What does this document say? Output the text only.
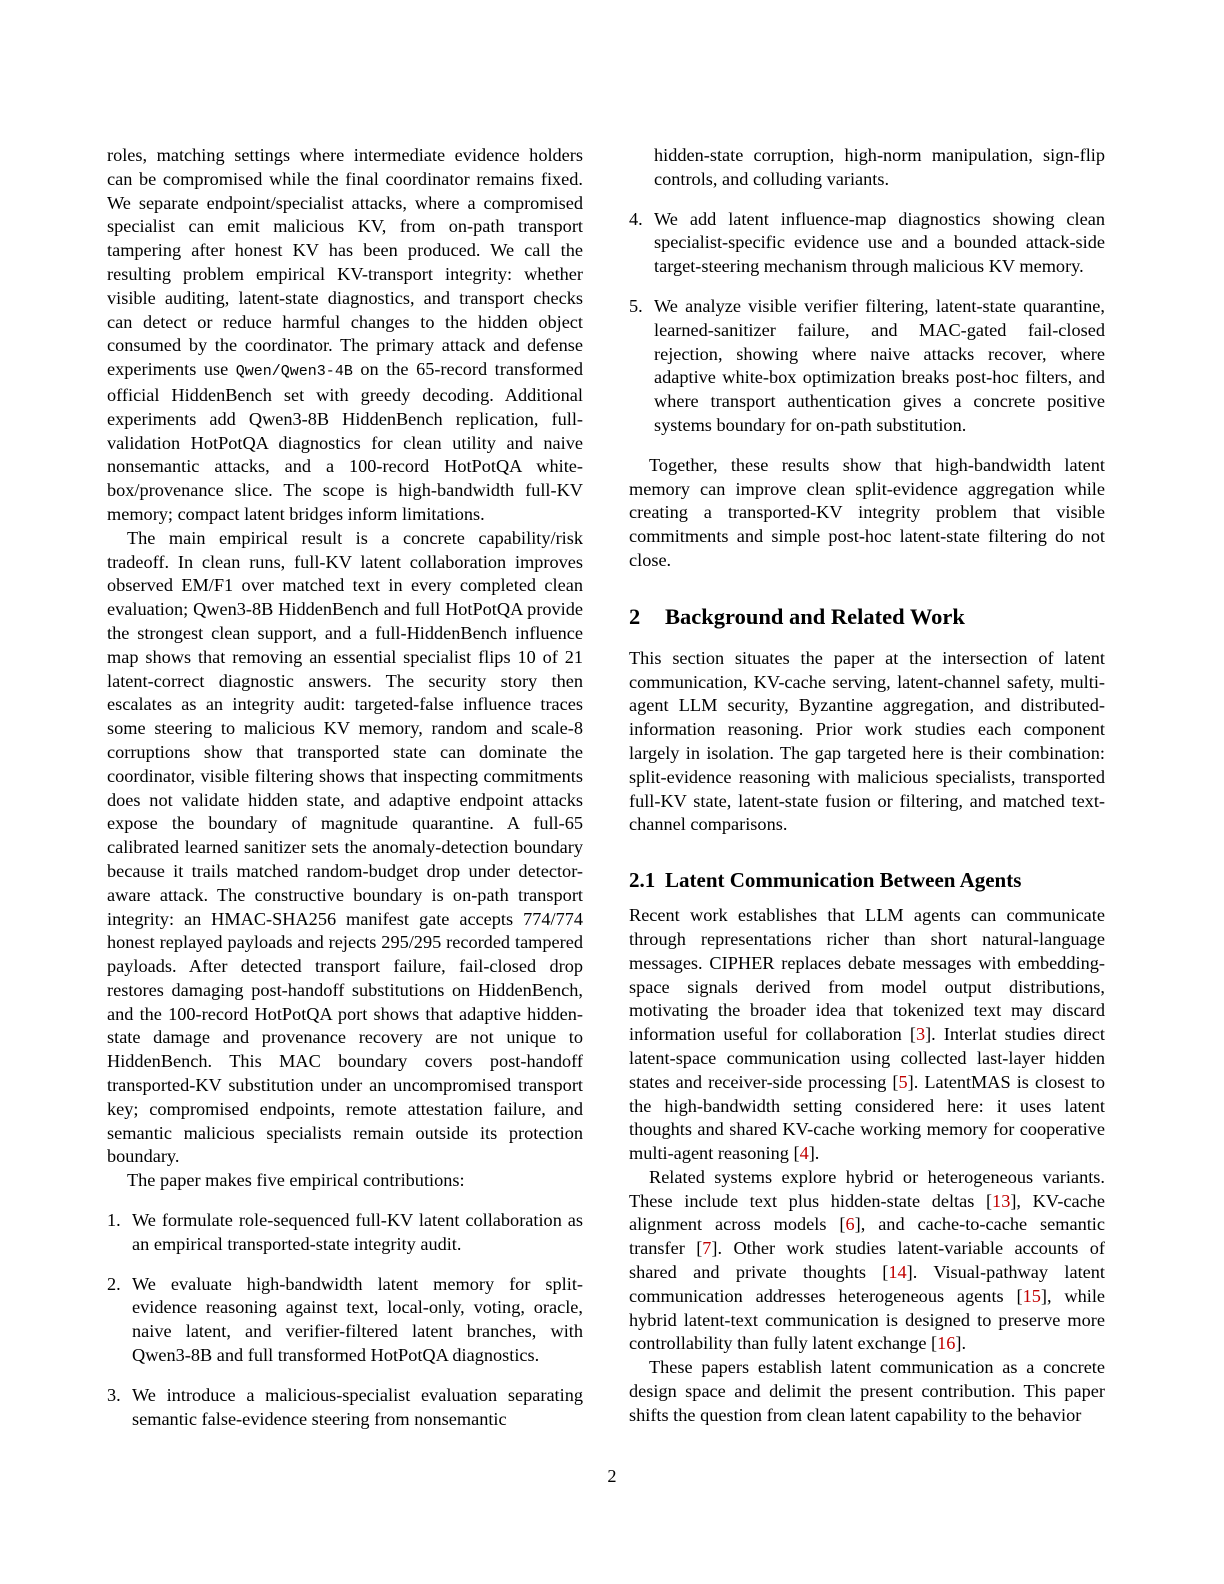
roles, matching settings where intermediate evidence holders can be compromised while the final coordinator remains fixed. We separate endpoint/specialist attacks, where a compromised specialist can emit malicious KV, from on-path transport tampering after honest KV has been produced. We call the resulting problem empirical KV-transport integrity: whether visible auditing, latent-state diagnostics, and transport checks can detect or reduce harmful changes to the hidden object consumed by the coordinator. The primary attack and defense experiments use Qwen/Qwen3-4B on the 65-record transformed official HiddenBench set with greedy decoding. Additional experiments add Qwen3-8B HiddenBench replication, full-validation HotPotQA diagnostics for clean utility and naive nonsemantic attacks, and a 100-record HotPotQA white-box/provenance slice. The scope is high-bandwidth full-KV memory; compact latent bridges inform limitations.

The main empirical result is a concrete capability/risk tradeoff. In clean runs, full-KV latent collaboration improves observed EM/F1 over matched text in every completed clean evaluation; Qwen3-8B HiddenBench and full HotPotQA provide the strongest clean support, and a full-HiddenBench influence map shows that removing an essential specialist flips 10 of 21 latent-correct diagnostic answers. The security story then escalates as an integrity audit: targeted-false influence traces some steering to malicious KV memory, random and scale-8 corruptions show that transported state can dominate the coordinator, visible filtering shows that inspecting commitments does not validate hidden state, and adaptive endpoint attacks expose the boundary of magnitude quarantine. A full-65 calibrated learned sanitizer sets the anomaly-detection boundary because it trails matched random-budget drop under detector-aware attack. The constructive boundary is on-path transport integrity: an HMAC-SHA256 manifest gate accepts 774/774 honest replayed payloads and rejects 295/295 recorded tampered payloads. After detected transport failure, fail-closed drop restores damaging post-handoff substitutions on HiddenBench, and the 100-record HotPotQA port shows that adaptive hidden-state damage and provenance recovery are not unique to HiddenBench. This MAC boundary covers post-handoff transported-KV substitution under an uncompromised transport key; compromised endpoints, remote attestation failure, and semantic malicious specialists remain outside its protection boundary.

The paper makes five empirical contributions:

1. We formulate role-sequenced full-KV latent collaboration as an empirical transported-state integrity audit.
2. We evaluate high-bandwidth latent memory for split-evidence reasoning against text, local-only, voting, oracle, naive latent, and verifier-filtered latent branches, with Qwen3-8B and full transformed HotPotQA diagnostics.
3. We introduce a malicious-specialist evaluation separating semantic false-evidence steering from nonsemantic
hidden-state corruption, high-norm manipulation, sign-flip controls, and colluding variants.
4. We add latent influence-map diagnostics showing clean specialist-specific evidence use and a bounded attack-side target-steering mechanism through malicious KV memory.
5. We analyze visible verifier filtering, latent-state quarantine, learned-sanitizer failure, and MAC-gated fail-closed rejection, showing where naive attacks recover, where adaptive white-box optimization breaks post-hoc filters, and where transport authentication gives a concrete positive systems boundary for on-path substitution.

Together, these results show that high-bandwidth latent memory can improve clean split-evidence aggregation while creating a transported-KV integrity problem that visible commitments and simple post-hoc latent-state filtering do not close.

2 Background and Related Work

This section situates the paper at the intersection of latent communication, KV-cache serving, latent-channel safety, multi-agent LLM security, Byzantine aggregation, and distributed-information reasoning. Prior work studies each component largely in isolation. The gap targeted here is their combination: split-evidence reasoning with malicious specialists, transported full-KV state, latent-state fusion or filtering, and matched text-channel comparisons.

2.1 Latent Communication Between Agents

Recent work establishes that LLM agents can communicate through representations richer than short natural-language messages. CIPHER replaces debate messages with embedding-space signals derived from model output distributions, motivating the broader idea that tokenized text may discard information useful for collaboration [3]. Interlat studies direct latent-space communication using collected last-layer hidden states and receiver-side processing [5]. LatentMAS is closest to the high-bandwidth setting considered here: it uses latent thoughts and shared KV-cache working memory for cooperative multi-agent reasoning [4].

Related systems explore hybrid or heterogeneous variants. These include text plus hidden-state deltas [13], KV-cache alignment across models [6], and cache-to-cache semantic transfer [7]. Other work studies latent-variable accounts of shared and private thoughts [14]. Visual-pathway latent communication addresses heterogeneous agents [15], while hybrid latent-text communication is designed to preserve more controllability than fully latent exchange [16].

These papers establish latent communication as a concrete design space and delimit the present contribution. This paper shifts the question from clean latent capability to the behavior

2
